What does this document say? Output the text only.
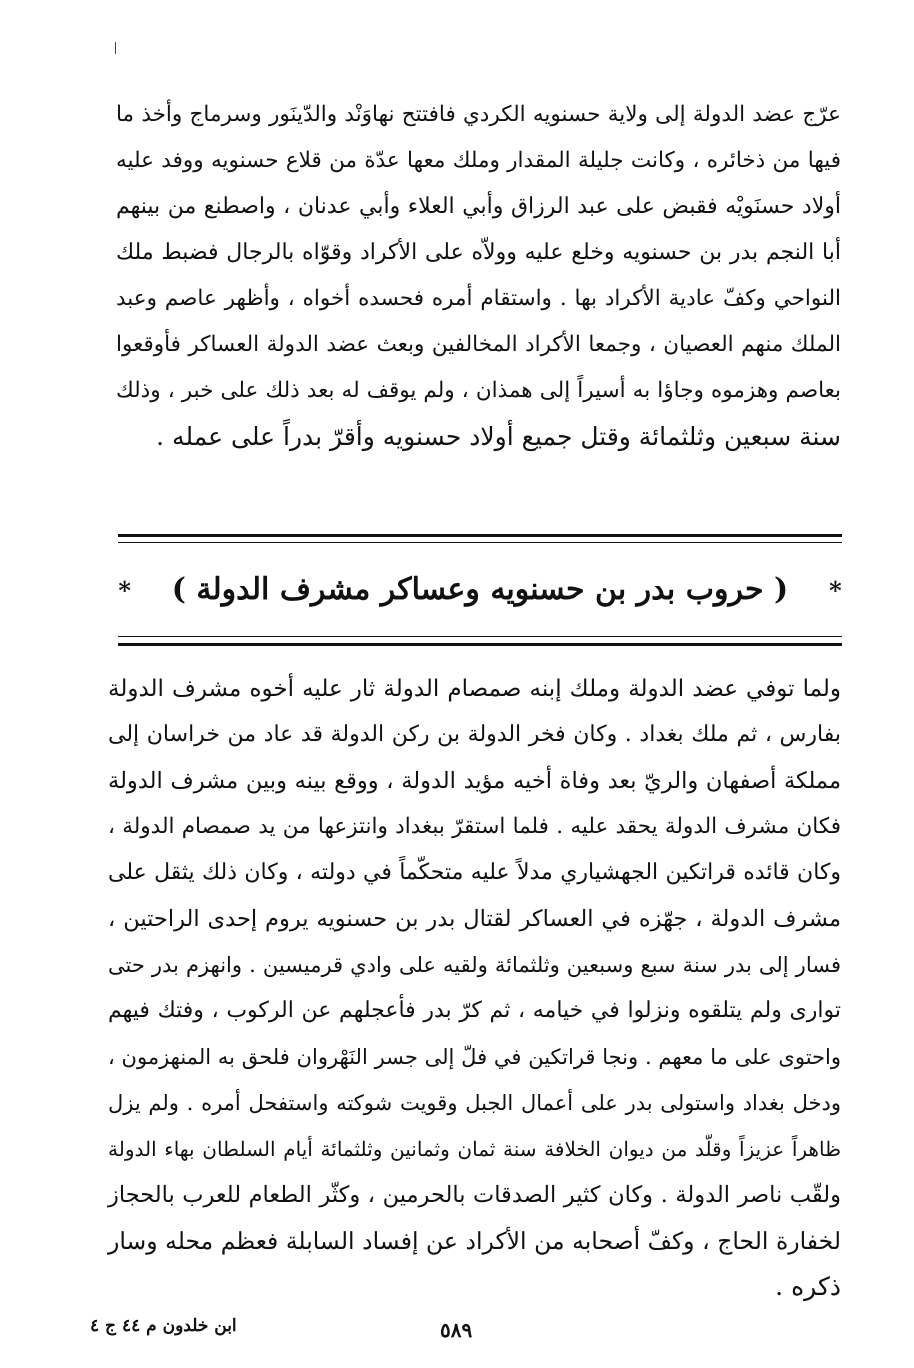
عرّج عضد الدولة إلى ولاية حسنويه الكردي فافتتح نهاوَنْد والدّينَور وسرماج وأخذ ما
فيها من ذخائره ، وكانت جليلة المقدار وملك معها عدّة من قلاع حسنويه ووفد عليه
أولاد حسنَويْه فقبض على عبد الرزاق وأبي العلاء وأبي عدنان ، واصطنع من بينهم
أبا النجم بدر بن حسنويه وخلع عليه وولاّه على الأكراد وقوّاه بالرجال فضبط ملك
النواحي وكفّ عادية الأكراد بها . واستقام أمره فحسده أخواه ، وأظهر عاصم وعبد
الملك منهم العصيان ، وجمعا الأكراد المخالفين وبعث عضد الدولة العساكر فأوقعوا
بعاصم وهزموه وجاؤا به أسيراً إلى همذان ، ولم يوقف له بعد ذلك على خبر ، وذلك
سنة سبعين وثلثمائة وقتل جميع أولاد حسنويه وأقرّ بدراً على عمله .
*  ( حروب بدر بن حسنويه وعساكر مشرف الدولة )  *
ولما توفي عضد الدولة وملك إبنه صمصام الدولة ثار عليه أخوه مشرف الدولة
بفارس ، ثم ملك بغداد . وكان فخر الدولة بن ركن الدولة قد عاد من خراسان إلى
مملكة أصفهان والريّ بعد وفاة أخيه مؤيد الدولة ، ووقع بينه وبين مشرف الدولة
فكان مشرف الدولة يحقد عليه . فلما استقرّ ببغداد وانتزعها من يد صمصام الدولة ،
وكان قائده قراتكين الجهشياري مدلاً عليه متحكّماً في دولته ، وكان ذلك يثقل على
مشرف الدولة ، جهّزه في العساكر لقتال بدر بن حسنويه يروم إحدى الراحتين ،
فسار إلى بدر سنة سبع وسبعين وثلثمائة ولقيه على وادي قرميسين . وانهزم بدر حتى
توارى ولم يتلقوه ونزلوا في خيامه ، ثم كرّ بدر فأعجلهم عن الركوب ، وفتك فيهم
واحتوى على ما معهم . ونجا قراتكين في فلّ إلى جسر النَهْروان فلحق به المنهزمون ،
ودخل بغداد واستولى بدر على أعمال الجبل وقويت شوكته واستفحل أمره . ولم يزل
ظاهراً عزيزاً وقلّد من ديوان الخلافة سنة ثمان وثمانين وثلثمائة أيام السلطان بهاء الدولة
ولقّب ناصر الدولة . وكان كثير الصدقات بالحرمين ، وكثّر الطعام للعرب بالحجاز
لخفارة الحاج ، وكفّ أصحابه من الأكراد عن إفساد السابلة فعظم محله وسار
ذكره .
ابن خلدون م ٤٤ ج ٤	٥٨٩
